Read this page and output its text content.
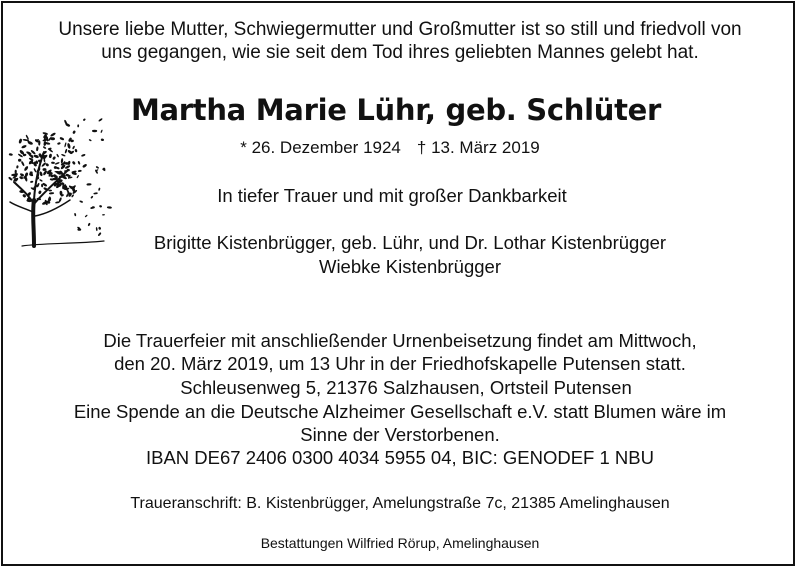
Unsere liebe Mutter, Schwiegermutter und Großmutter ist so still und friedvoll von
uns gegangen, wie sie seit dem Tod ihres geliebten Mannes gelebt hat.
Martha Marie Lühr, geb. Schlüter
* 26. Dezember 1924 † 13. März 2019
In tiefer Trauer und mit großer Dankbarkeit
Brigitte Kistenbrügger, geb. Lühr, und Dr. Lothar Kistenbrügger
Wiebke Kistenbrügger
Die Trauerfeier mit anschließender Urnenbeisetzung findet am Mittwoch,
den 20. März 2019, um 13 Uhr in der Friedhofskapelle Putensen statt.
Schleusenweg 5, 21376 Salzhausen, Ortsteil Putensen
Eine Spende an die Deutsche Alzheimer Gesellschaft e.V. statt Blumen wäre im
Sinne der Verstorbenen.
IBAN DE67 2406 0300 4034 5955 04, BIC: GENODEF 1 NBU
Traueranschrift: B. Kistenbrügger, Amelungstraße 7c, 21385 Amelinghausen
Bestattungen Wilfried Rörup, Amelinghausen
